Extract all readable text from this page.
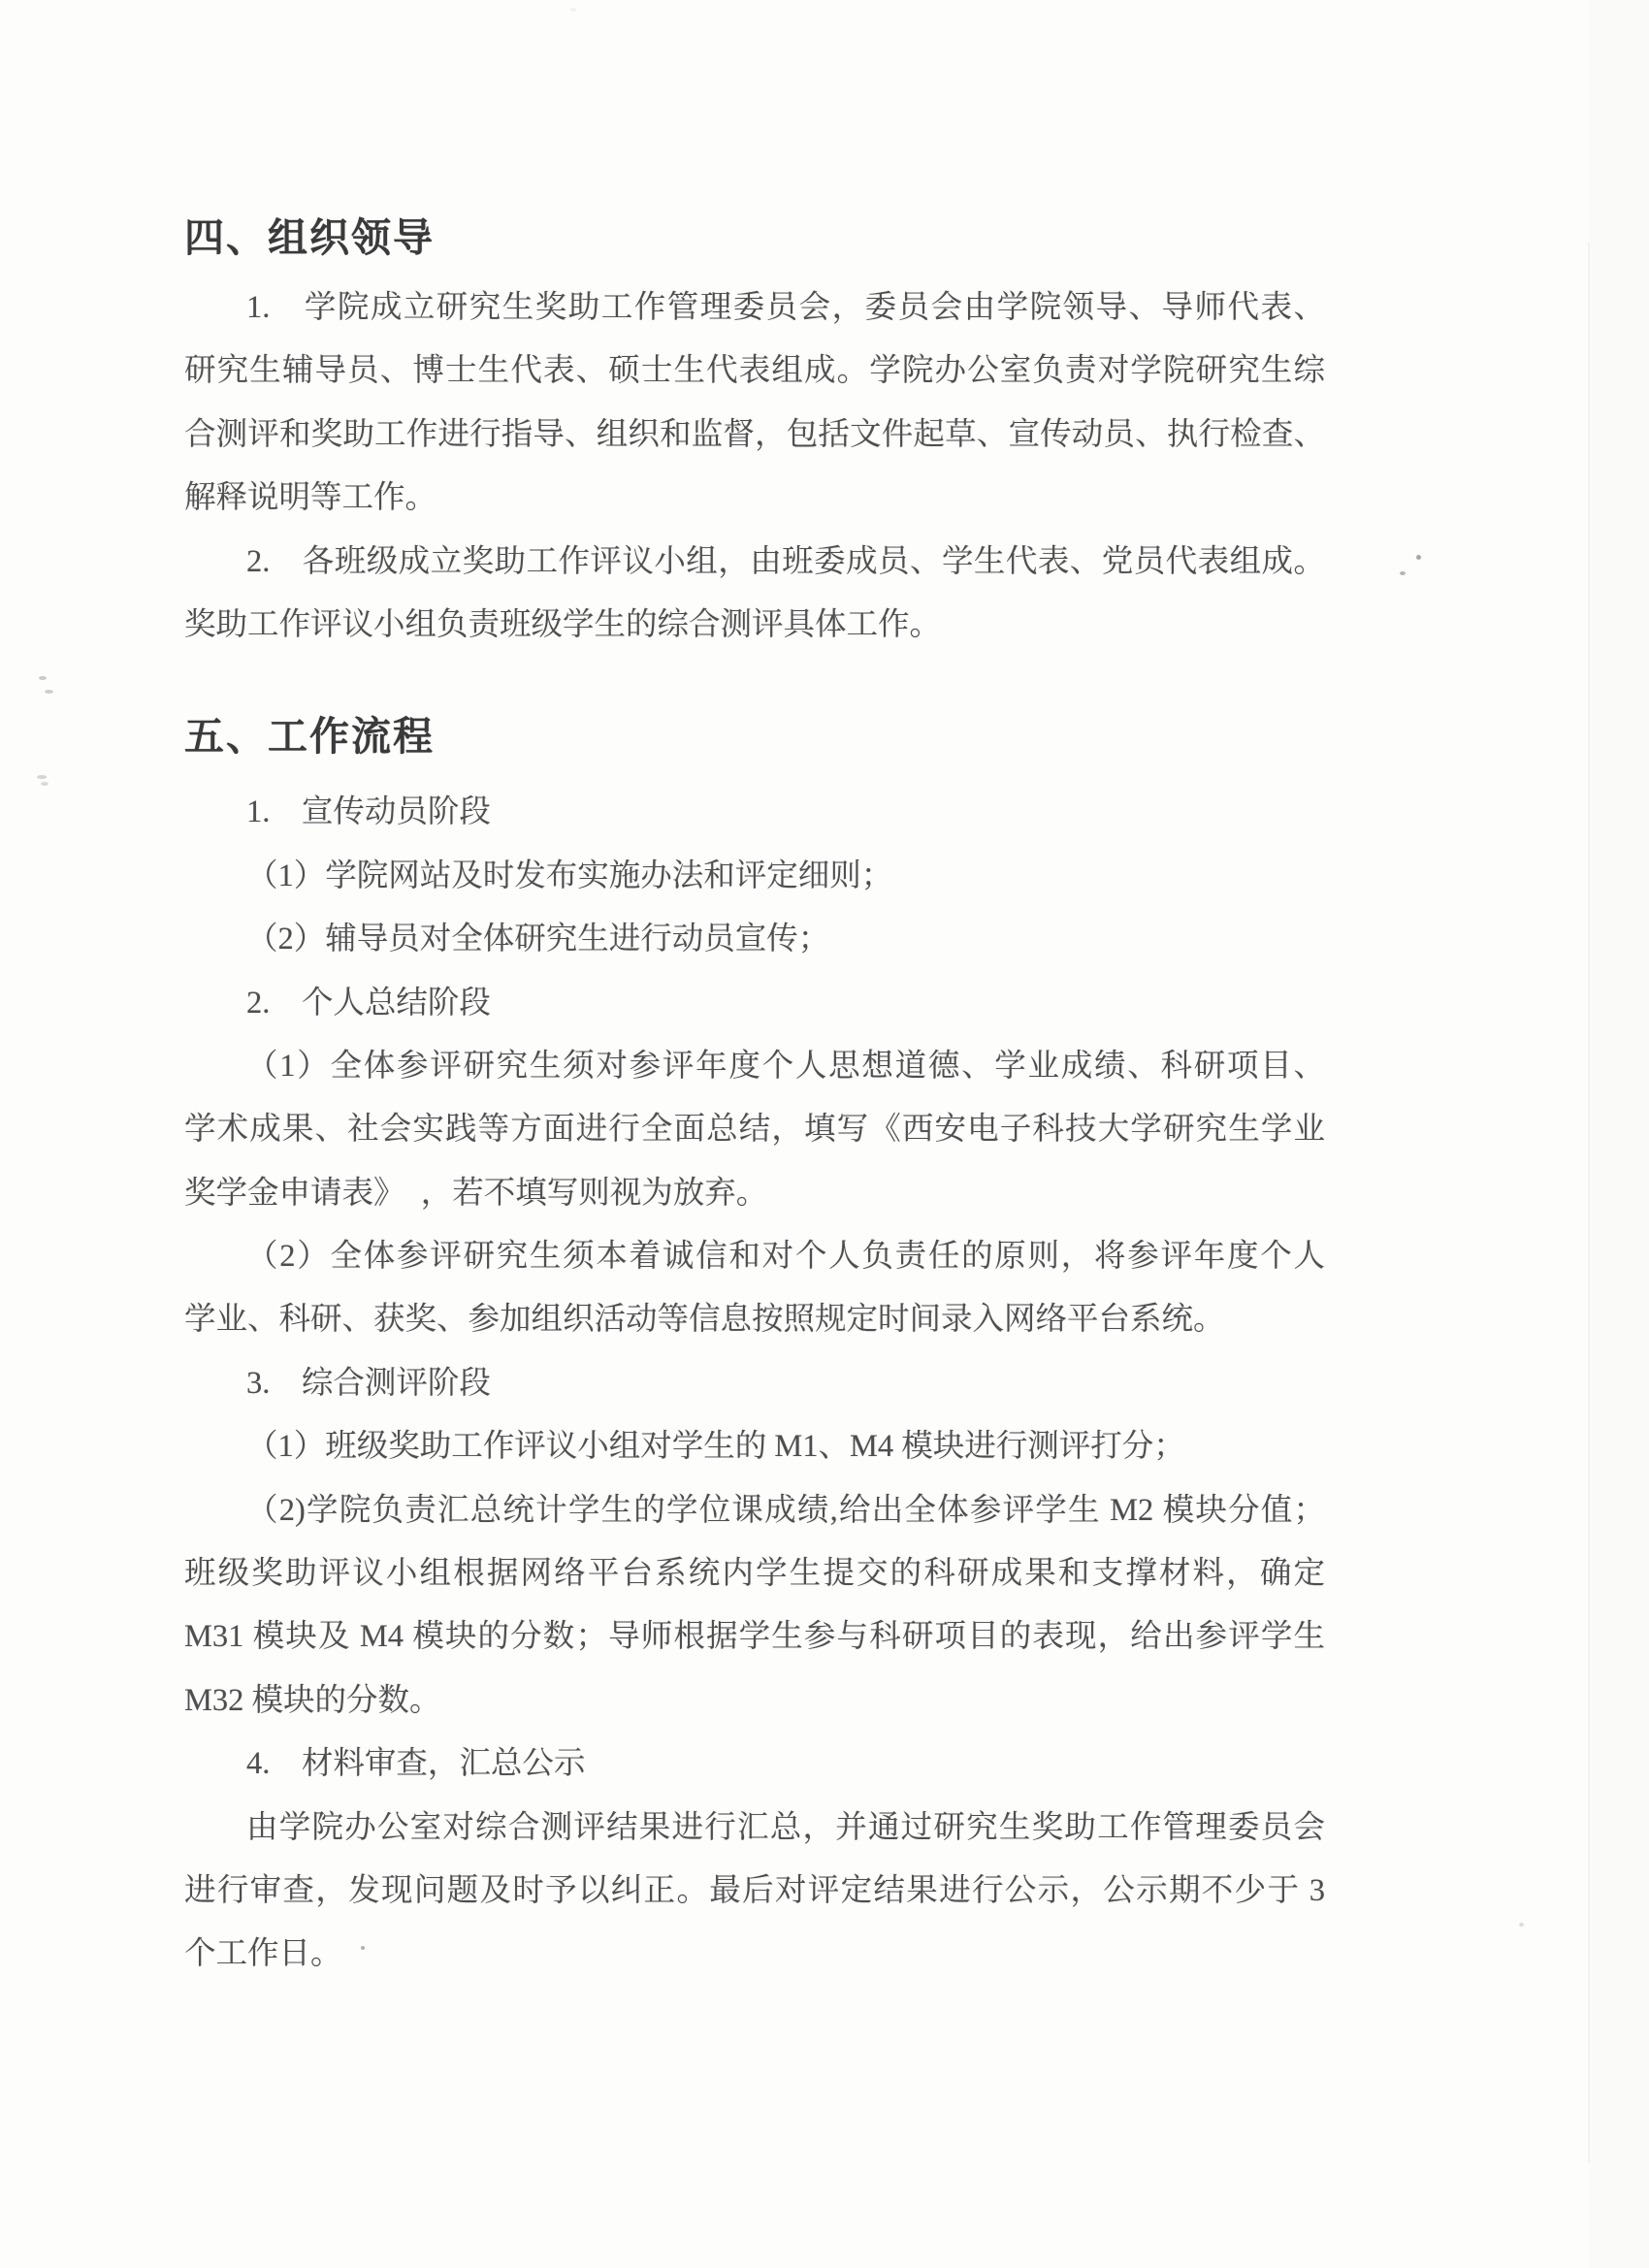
四、组织领导
1.　学院成立研究生奖助工作管理委员会，委员会由学院领导、导师代表、
研究生辅导员、博士生代表、硕士生代表组成。学院办公室负责对学院研究生综
合测评和奖助工作进行指导、组织和监督，包括文件起草、宣传动员、执行检查、
解释说明等工作。
2.　各班级成立奖助工作评议小组，由班委成员、学生代表、党员代表组成。
奖助工作评议小组负责班级学生的综合测评具体工作。
五、工作流程
1.　宣传动员阶段
（1）学院网站及时发布实施办法和评定细则；
（2）辅导员对全体研究生进行动员宣传；
2.　个人总结阶段
（1）全体参评研究生须对参评年度个人思想道德、学业成绩、科研项目、
学术成果、社会实践等方面进行全面总结，填写《西安电子科技大学研究生学业
奖学金申请表》　，若不填写则视为放弃。
（2）全体参评研究生须本着诚信和对个人负责任的原则，将参评年度个人
学业、科研、获奖、参加组织活动等信息按照规定时间录入网络平台系统。
3.　综合测评阶段
（1）班级奖助工作评议小组对学生的 M1、M4 模块进行测评打分；
（2)学院负责汇总统计学生的学位课成绩,给出全体参评学生 M2 模块分值；
班级奖助评议小组根据网络平台系统内学生提交的科研成果和支撑材料，确定
M31 模块及 M4 模块的分数；导师根据学生参与科研项目的表现，给出参评学生
M32 模块的分数。
4.　材料审查，汇总公示
由学院办公室对综合测评结果进行汇总，并通过研究生奖助工作管理委员会
进行审查，发现问题及时予以纠正。最后对评定结果进行公示，公示期不少于 3
个工作日。
